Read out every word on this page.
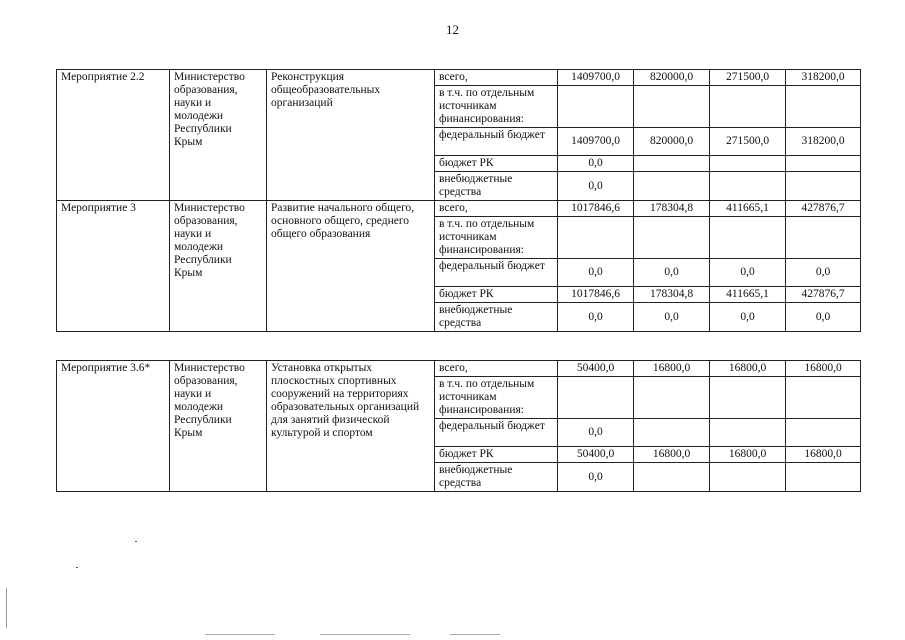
12
Мероприятие 2.2	Министерство образования, науки и молодежи Республики Крым	Реконструкция общеобразовательных организаций	всего,	1409700,0	820000,0	271500,0	318200,0
			в т.ч. по отдельным источникам финансирования:				
			федеральный бюджет	1409700,0	820000,0	271500,0	318200,0
			бюджет РК	0,0			
			внебюджетные средства	0,0			
Мероприятие 3	Министерство образования, науки и молодежи Республики Крым	Развитие начального общего, основного общего, среднего общего образования	всего,	1017846,6	178304,8	411665,1	427876,7
			в т.ч. по отдельным источникам финансирования:				
			федеральный бюджет	0,0	0,0	0,0	0,0
			бюджет РК	1017846,6	178304,8	411665,1	427876,7
			внебюджетные средства	0,0	0,0	0,0	0,0
Мероприятие 3.6*	Министерство образования, науки и молодежи Республики Крым	Установка открытых плоскостных спортивных сооружений на территориях образовательных организаций для занятий физической культурой и спортом	всего,	50400,0	16800,0	16800,0	16800,0
			в т.ч. по отдельным источникам финансирования:				
			федеральный бюджет	0,0			
			бюджет РК	50400,0	16800,0	16800,0	16800,0
			внебюджетные средства	0,0			
